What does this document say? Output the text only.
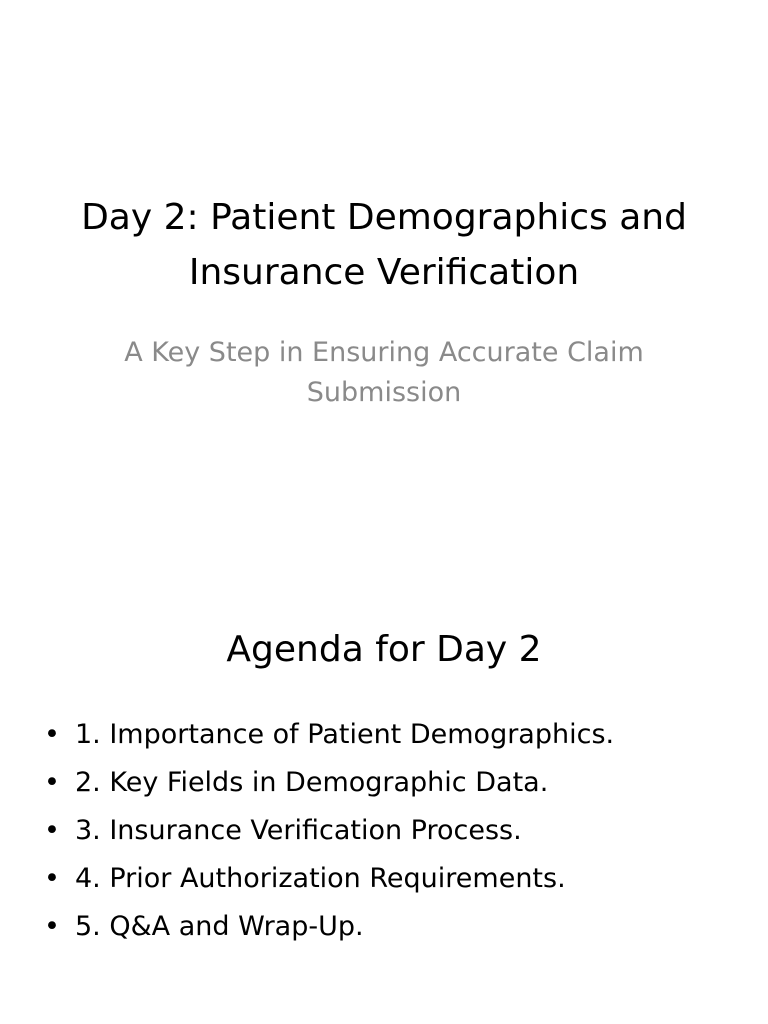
Day 2: Patient Demographics and Insurance Verification

A Key Step in Ensuring Accurate Claim Submission

Agenda for Day 2
• 1. Importance of Patient Demographics.
• 2. Key Fields in Demographic Data.
• 3. Insurance Verification Process.
• 4. Prior Authorization Requirements.
• 5. Q&A and Wrap-Up.
